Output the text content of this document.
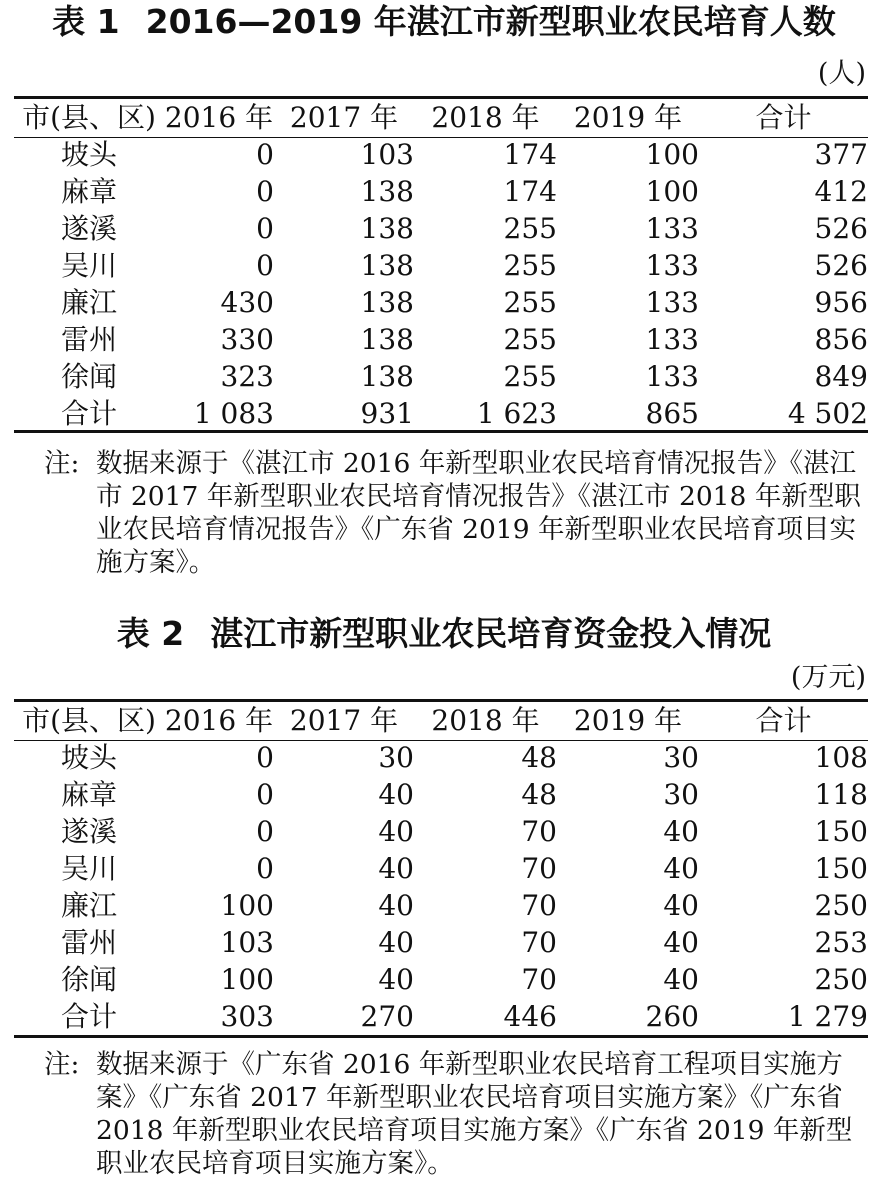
表 1 2016—2019 年湛江市新型职业农民培育人数
(人)
市(县、区)	2016 年	2017 年	2018 年	2019 年	合计
坡头	0	103	174	100	377
麻章	0	138	174	100	412
遂溪	0	138	255	133	526
吴川	0	138	255	133	526
廉江	430	138	255	133	956
雷州	330	138	255	133	856
徐闻	323	138	255	133	849
合计	1 083	931	1 623	865	4 502
注: 数据来源于《湛江市 2016 年新型职业农民培育情况报告》《湛江市 2017 年新型职业农民培育情况报告》《湛江市 2018 年新型职业农民培育情况报告》《广东省 2019 年新型职业农民培育项目实施方案》。
表 2 湛江市新型职业农民培育资金投入情况
(万元)
市(县、区)	2016 年	2017 年	2018 年	2019 年	合计
坡头	0	30	48	30	108
麻章	0	40	48	30	118
遂溪	0	40	70	40	150
吴川	0	40	70	40	150
廉江	100	40	70	40	250
雷州	103	40	70	40	253
徐闻	100	40	70	40	250
合计	303	270	446	260	1 279
注: 数据来源于《广东省 2016 年新型职业农民培育工程项目实施方案》《广东省 2017 年新型职业农民培育项目实施方案》《广东省 2018 年新型职业农民培育项目实施方案》《广东省 2019 年新型职业农民培育项目实施方案》。
